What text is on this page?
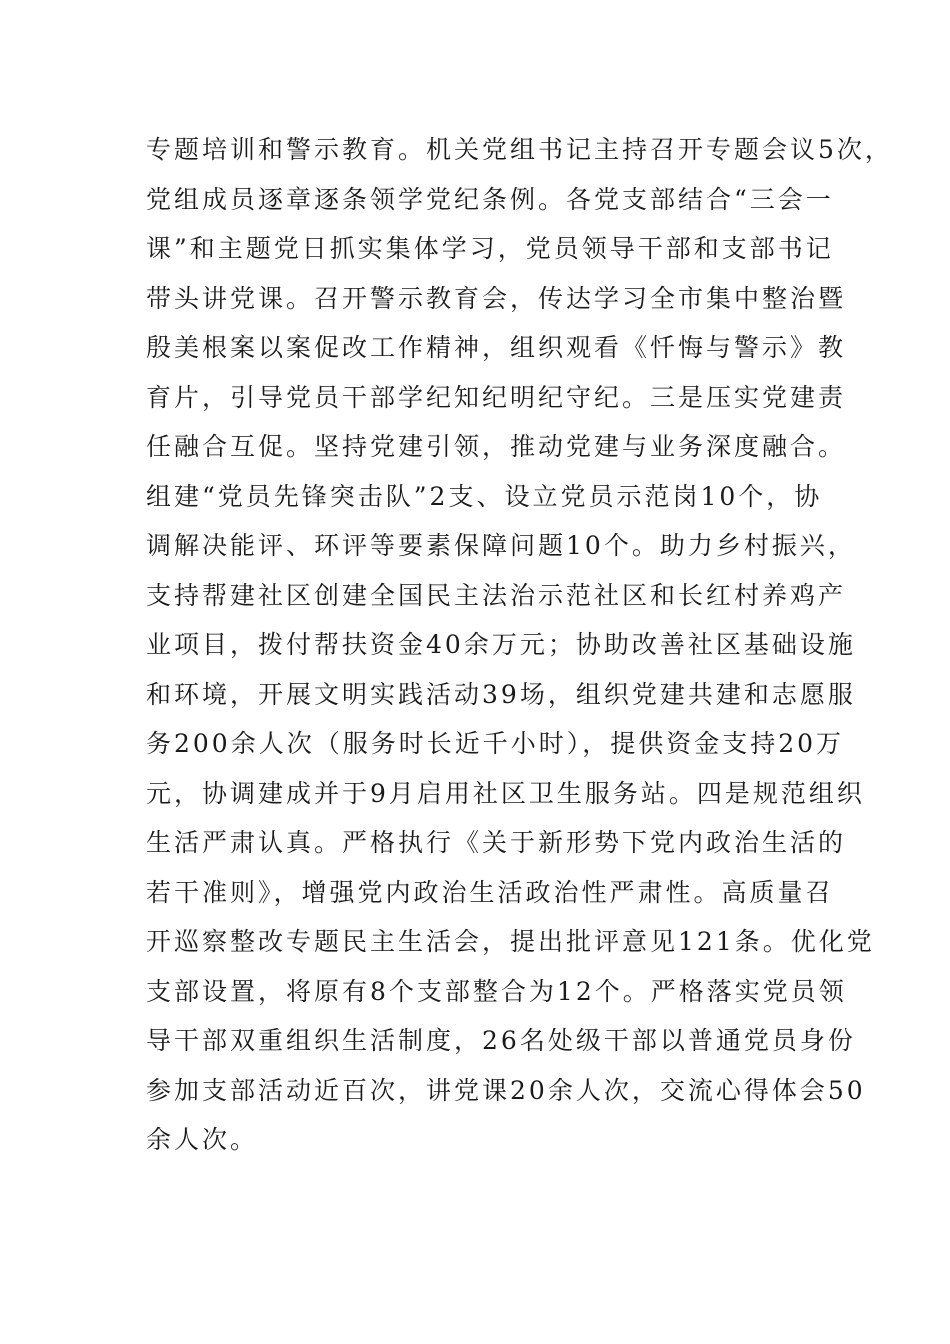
专题培训和警示教育。机关党组书记主持召开专题会议5次，
党组成员逐章逐条领学党纪条例。各党支部结合“三会一
课”和主题党日抓实集体学习，党员领导干部和支部书记
带头讲党课。召开警示教育会，传达学习全市集中整治暨
殷美根案以案促改工作精神，组织观看《忏悔与警示》教
育片，引导党员干部学纪知纪明纪守纪。三是压实党建责
任融合互促。坚持党建引领，推动党建与业务深度融合。
组建“党员先锋突击队”2支、设立党员示范岗10个，协
调解决能评、环评等要素保障问题10个。助力乡村振兴，
支持帮建社区创建全国民主法治示范社区和长红村养鸡产
业项目，拨付帮扶资金40余万元；协助改善社区基础设施
和环境，开展文明实践活动39场，组织党建共建和志愿服
务200余人次（服务时长近千小时），提供资金支持20万
元，协调建成并于9月启用社区卫生服务站。四是规范组织
生活严肃认真。严格执行《关于新形势下党内政治生活的
若干准则》，增强党内政治生活政治性严肃性。高质量召
开巡察整改专题民主生活会，提出批评意见121条。优化党
支部设置，将原有8个支部整合为12个。严格落实党员领
导干部双重组织生活制度，26名处级干部以普通党员身份
参加支部活动近百次，讲党课20余人次，交流心得体会50
余人次。
